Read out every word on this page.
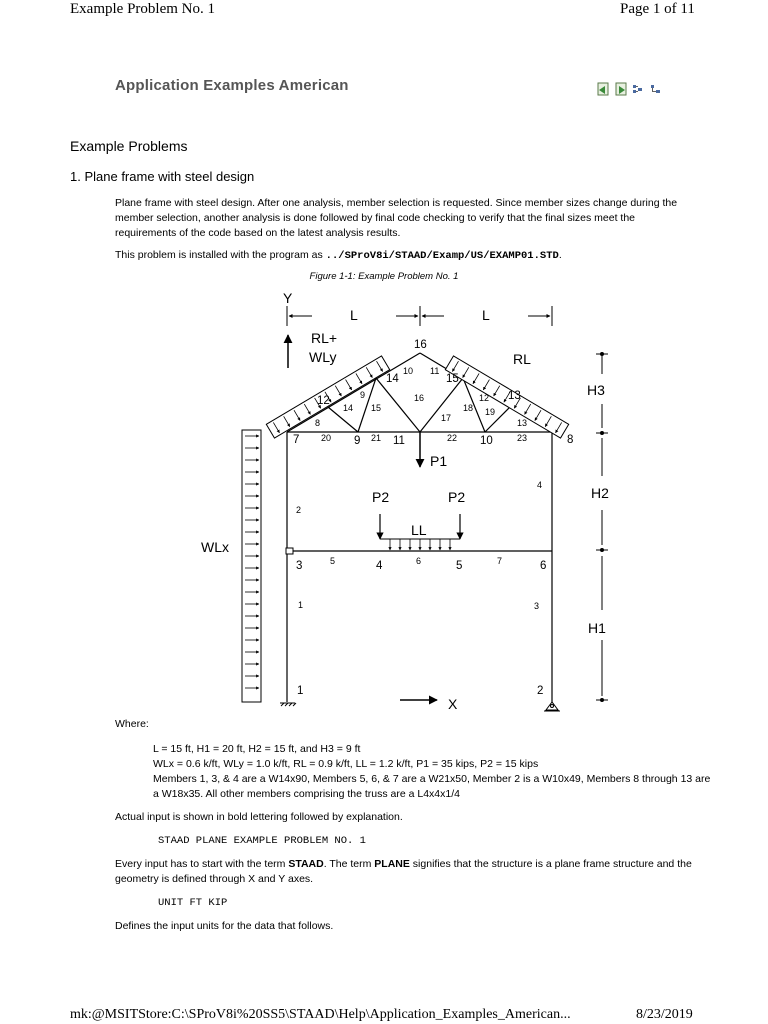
Example Problem No. 1	Page 1 of 11
Application Examples American
Example Problems
1. Plane frame with steel design
Plane frame with steel design. After one analysis, member selection is requested. Since member sizes change during the member selection, another analysis is done followed by final code checking to verify that the final sizes meet the requirements of the code based on the latest analysis results.
This problem is installed with the program as ../SProV8i/STAAD/Examp/US/EXAMP01.STD.
Figure 1-1: Example Problem No. 1
Y
X
L	L
RL+
WLy	RL
WLx
P1
P2	P2
LL
H3
H2
H1
1	2
3	4	5	6
7	8
9	10
11
12	13
14	15
16
1
2
3
4
5	6	7
8
9
10 11
12
13
14 15
16
17
18 19
20	21	22	23
Where:
L = 15 ft, H1 = 20 ft, H2 = 15 ft, and H3 = 9 ft
WLx = 0.6 k/ft, WLy = 1.0 k/ft, RL = 0.9 k/ft, LL = 1.2 k/ft, P1 = 35 kips, P2 = 15 kips
Members 1, 3, & 4 are a W14x90, Members 5, 6, & 7 are a W21x50, Member 2 is a W10x49, Members 8 through 13 are a W18x35. All other members comprising the truss are a L4x4x1/4
Actual input is shown in bold lettering followed by explanation.
STAAD PLANE EXAMPLE PROBLEM NO. 1
Every input has to start with the term STAAD. The term PLANE signifies that the structure is a plane frame structure and the geometry is defined through X and Y axes.
UNIT FT KIP
Defines the input units for the data that follows.
mk:@MSITStore:C:\SProV8i%20SS5\STAAD\Help\Application_Examples_American...	8/23/2019
